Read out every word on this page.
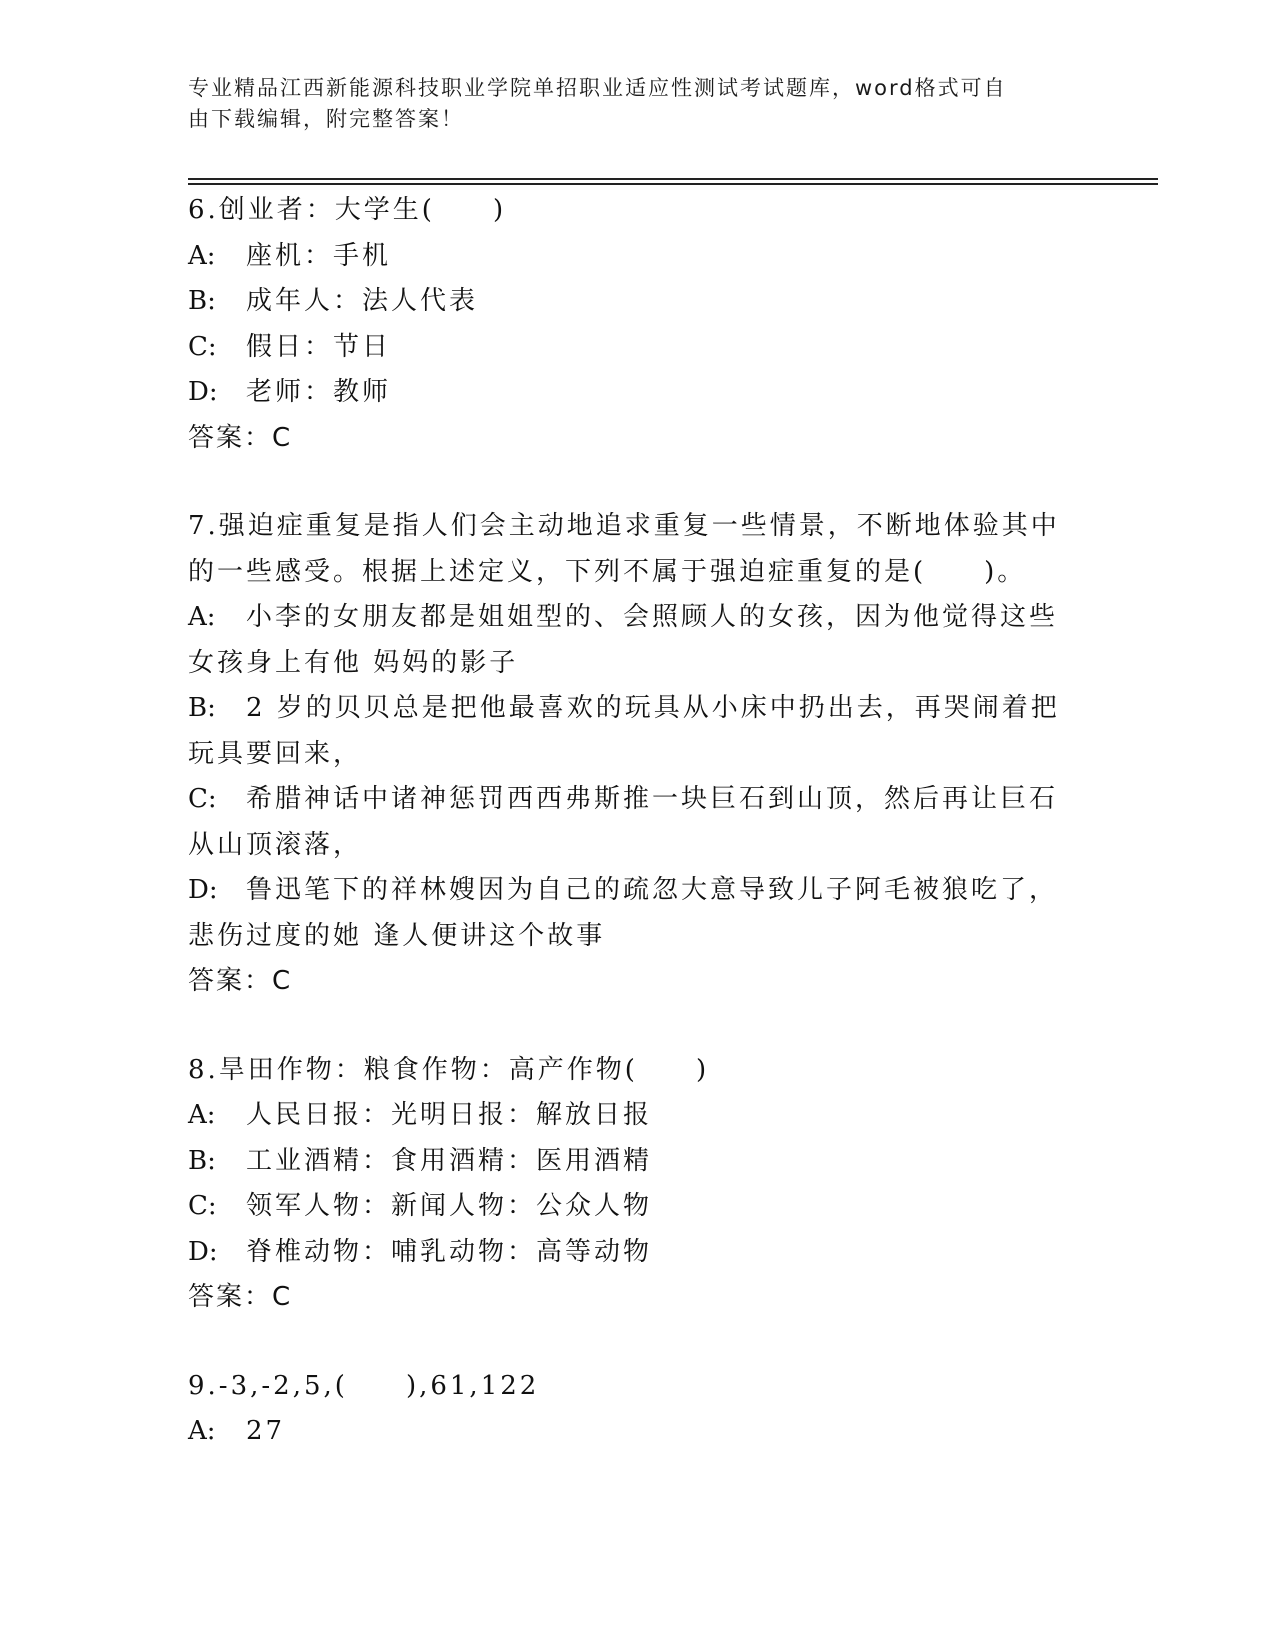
专业精品江西新能源科技职业学院单招职业适应性测试考试题库，word格式可自
由下载编辑，附完整答案！
6.创业者：大学生(　　)
A: 座机：手机
B: 成年人：法人代表
C: 假日：节日
D: 老师：教师
答案：C
7.强迫症重复是指人们会主动地追求重复一些情景，不断地体验其中
的一些感受。根据上述定义，下列不属于强迫症重复的是(　　)。
A: 小李的女朋友都是姐姐型的、会照顾人的女孩，因为他觉得这些
女孩身上有他 妈妈的影子
B: 2 岁的贝贝总是把他最喜欢的玩具从小床中扔出去，再哭闹着把
玩具要回来，
C: 希腊神话中诸神惩罚西西弗斯推一块巨石到山顶，然后再让巨石
从山顶滚落，
D: 鲁迅笔下的祥林嫂因为自己的疏忽大意导致儿子阿毛被狼吃了，
悲伤过度的她 逢人便讲这个故事
答案：C
8.旱田作物：粮食作物：高产作物(　　)
A: 人民日报：光明日报：解放日报
B: 工业酒精：食用酒精：医用酒精
C: 领军人物：新闻人物：公众人物
D: 脊椎动物：哺乳动物：高等动物
答案：C
9.-3,-2,5,(　　),61,122
A: 27
